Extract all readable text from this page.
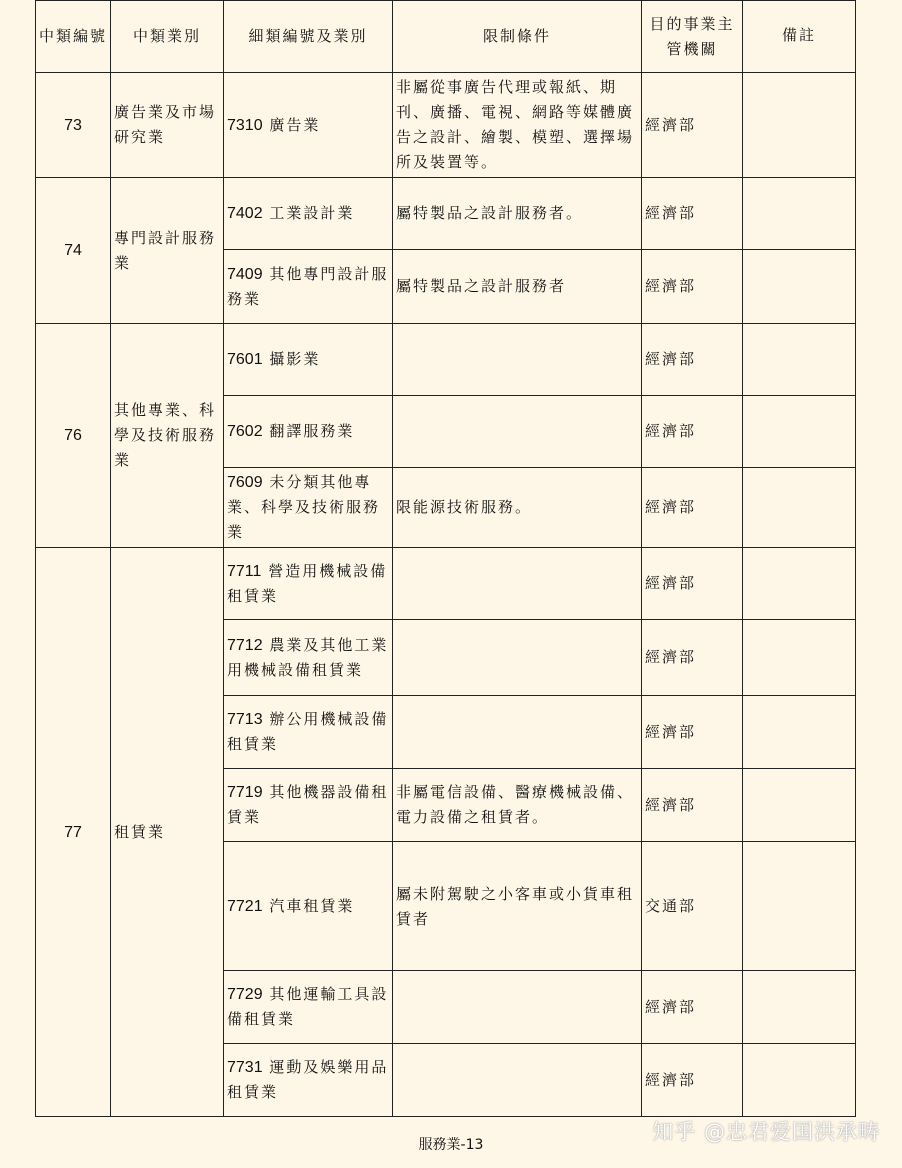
中類編號	中類業別	細類編號及業別	限制條件	目的事業主管機關	備註
73	廣告業及市場研究業	7310 廣告業	非屬從事廣告代理或報紙、期刊、廣播、電視、網路等媒體廣告之設計、繪製、模塑、選擇場所及裝置等。	經濟部	
74	專門設計服務業	7402 工業設計業	屬特製品之設計服務者。	經濟部	
		7409 其他專門設計服務業	屬特製品之設計服務者	經濟部	
76	其他專業、科學及技術服務業	7601 攝影業		經濟部	
		7602 翻譯服務業		經濟部	
		7609 未分類其他專業、科學及技術服務業	限能源技術服務。	經濟部	
77	租賃業	7711 營造用機械設備租賃業		經濟部	
		7712 農業及其他工業用機械設備租賃業		經濟部	
		7713 辦公用機械設備租賃業		經濟部	
		7719 其他機器設備租賃業	非屬電信設備、醫療機械設備、電力設備之租賃者。	經濟部	
		7721 汽車租賃業	屬未附駕駛之小客車或小貨車租賃者	交通部	
		7729 其他運輸工具設備租賃業		經濟部	
		7731 運動及娛樂用品租賃業		經濟部	
服務業-13
知乎 @忠君爱国洪承畴
